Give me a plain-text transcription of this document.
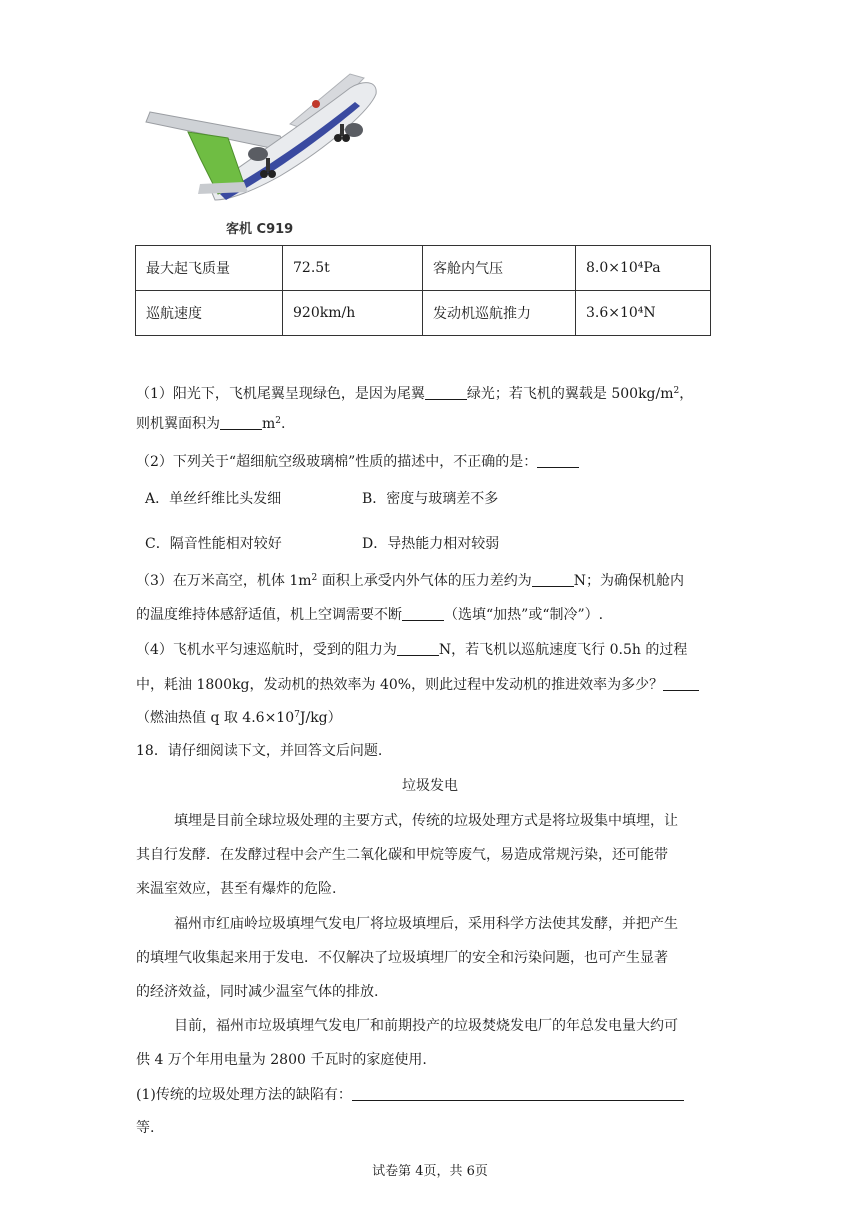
客机 C919
最大起飞质量	72.5t	客舱内气压	8.0×10⁴Pa
巡航速度	920km/h	发动机巡航推力	3.6×10⁴N
（1）阳光下，飞机尾翼呈现绿色，是因为尾翼	绿光；若飞机的翼载是 $500kg/m^2$，
则机翼面积为	$m^2$.
（2）下列关于“超细航空级玻璃棉”性质的描述中，不正确的是：
A．单丝纤维比头发细	B．密度与玻璃差不多
C．隔音性能相对较好	D．导热能力相对较弱
（3）在万米高空，机体 $1m^2$ 面积上承受内外气体的压力差约为	N；为确保机舱内
的温度维持体感舒适值，机上空调需要不断	（选填“加热”或“制冷”）.
（4）飞机水平匀速巡航时，受到的阻力为	N，若飞机以巡航速度飞行 0.5h 的过程
中，耗油 1800kg，发动机的热效率为 40%，则此过程中发动机的推进效率为多少？
（燃油热值 q 取 $4.6\times 10^7J/kg$）
18．请仔细阅读下文，并回答文后问题.
垃圾发电
填埋是目前全球垃圾处理的主要方式，传统的垃圾处理方式是将垃圾集中填埋，让
其自行发酵．在发酵过程中会产生二氧化碳和甲烷等废气，易造成常规污染，还可能带
来温室效应，甚至有爆炸的危险.
福州市红庙岭垃圾填埋气发电厂将垃圾填埋后，采用科学方法使其发酵，并把产生
的填埋气收集起来用于发电．不仅解决了垃圾填埋厂的安全和污染问题，也可产生显著
的经济效益，同时减少温室气体的排放.
目前，福州市垃圾填埋气发电厂和前期投产的垃圾焚烧发电厂的年总发电量大约可
供 4 万个年用电量为 2800 千瓦时的家庭使用.
(1)传统的垃圾处理方法的缺陷有：
等.
试卷第 4页，共 6页
